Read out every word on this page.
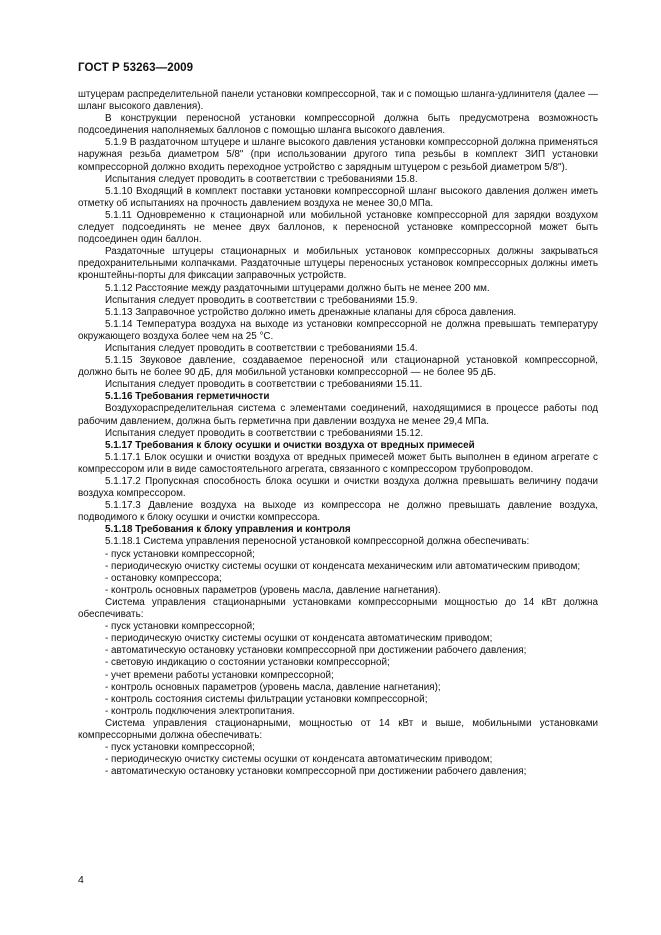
ГОСТ Р 53263—2009

штуцерам распределительной панели установки компрессорной, так и с помощью шланга-удлинителя (далее — шланг высокого давления).

В конструкции переносной установки компрессорной должна быть предусмотрена возможность подсоединения наполняемых баллонов с помощью шланга высокого давления.

5.1.9 В раздаточном штуцере и шланге высокого давления установки компрессорной должна применяться наружная резьба диаметром 5/8" (при использовании другого типа резьбы в комплект ЗИП установки компрессорной должно входить переходное устройство с зарядным штуцером с резьбой диаметром 5/8").

Испытания следует проводить в соответствии с требованиями 15.8.

5.1.10 Входящий в комплект поставки установки компрессорной шланг высокого давления должен иметь отметку об испытаниях на прочность давлением воздуха не менее 30,0 МПа.

5.1.11 Одновременно к стационарной или мобильной установке компрессорной для зарядки воздухом следует подсоединять не менее двух баллонов, к переносной установке компрессорной может быть подсоединен один баллон.

Раздаточные штуцеры стационарных и мобильных установок компрессорных должны закрываться предохранительными колпачками. Раздаточные штуцеры переносных установок компрессорных должны иметь кронштейны-порты для фиксации заправочных устройств.

5.1.12 Расстояние между раздаточными штуцерами должно быть не менее 200 мм.

Испытания следует проводить в соответствии с требованиями 15.9.

5.1.13 Заправочное устройство должно иметь дренажные клапаны для сброса давления.

5.1.14 Температура воздуха на выходе из установки компрессорной не должна превышать температуру окружающего воздуха более чем на 25 °С.

Испытания следует проводить в соответствии с требованиями 15.4.

5.1.15 Звуковое давление, создаваемое переносной или стационарной установкой компрессорной, должно быть не более 90 дБ, для мобильной установки компрессорной — не более 95 дБ.

Испытания следует проводить в соответствии с требованиями 15.11.

5.1.16 Требования герметичности

Воздухораспределительная система с элементами соединений, находящимися в процессе работы под рабочим давлением, должна быть герметична при давлении воздуха не менее 29,4 МПа.

Испытания следует проводить в соответствии с требованиями 15.12.

5.1.17 Требования к блоку осушки и очистки воздуха от вредных примесей

5.1.17.1 Блок осушки и очистки воздуха от вредных примесей может быть выполнен в едином агрегате с компрессором или в виде самостоятельного агрегата, связанного с компрессором трубопроводом.

5.1.17.2 Пропускная способность блока осушки и очистки воздуха должна превышать величину подачи воздуха компрессором.

5.1.17.3 Давление воздуха на выходе из компрессора не должно превышать давление воздуха, подводимого к блоку осушки и очистки компрессора.

5.1.18 Требования к блоку управления и контроля

5.1.18.1 Система управления переносной установкой компрессорной должна обеспечивать:

- пуск установки компрессорной;

- периодическую очистку системы осушки от конденсата механическим или автоматическим приводом;

- остановку компрессора;

- контроль основных параметров (уровень масла, давление нагнетания).

Система управления стационарными установками компрессорными мощностью до 14 кВт должна обеспечивать:

- пуск установки компрессорной;

- периодическую очистку системы осушки от конденсата автоматическим приводом;

- автоматическую остановку установки компрессорной при достижении рабочего давления;

- световую индикацию о состоянии установки компрессорной;

- учет времени работы установки компрессорной;

- контроль основных параметров (уровень масла, давление нагнетания);

- контроль состояния системы фильтрации установки компрессорной;

- контроль подключения электропитания.

Система управления стационарными, мощностью от 14 кВт и выше, мобильными установками компрессорными должна обеспечивать:

- пуск установки компрессорной;

- периодическую очистку системы осушки от конденсата автоматическим приводом;

- автоматическую остановку установки компрессорной при достижении рабочего давления;

4
